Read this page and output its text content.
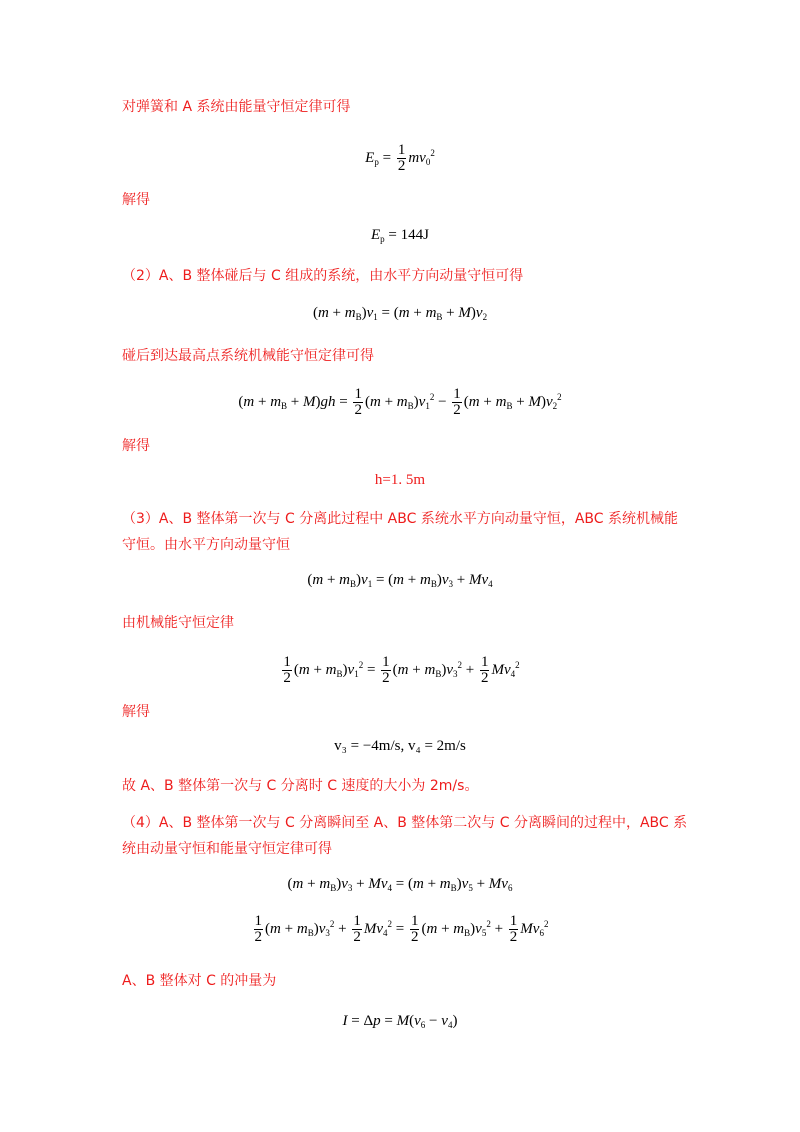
对弹簧和 A 系统由能量守恒定律可得
$E_p = \frac{1}{2} mv_0^2$
解得
$E_p = 144J$
（2）A、B 整体碰后与 C 组成的系统，由水平方向动量守恒可得
$(m + m_B)v_1 = (m + m_B + M)v_2$
碰后到达最高点系统机械能守恒定律可得
$(m + m_B + M)gh = \frac{1}{2} (m + m_B)v_1^2 - \frac{1}{2} (m + m_B + M)v_2^2$
解得
h=1. 5m
（3）A、B 整体第一次与 C 分离此过程中 ABC 系统水平方向动量守恒，ABC 系统机械能
守恒。由水平方向动量守恒
$(m + m_B)v_1 = (m + m_B)v_3 + Mv_4$
由机械能守恒定律
$\frac{1}{2} (m + m_B)v_1^2 = \frac{1}{2} (m + m_B)v_3^2 + \frac{1}{2} Mv_4^2$
解得
v₃ = −4m/s, v₄ = 2m/s
故 A、B 整体第一次与 C 分离时 C 速度的大小为 2m/s。
（4）A、B 整体第一次与 C 分离瞬间至 A、B 整体第二次与 C 分离瞬间的过程中，ABC 系
统由动量守恒和能量守恒定律可得
$(m + m_B)v_3 + Mv_4 = (m + m_B)v_5 + Mv_6$
$\frac{1}{2} (m + m_B)v_3^2 + \frac{1}{2} Mv_4^2 = \frac{1}{2} (m + m_B)v_5^2 + \frac{1}{2} Mv_6^2$
A、B 整体对 C 的冲量为
$I = \Delta p = M(v_6 - v_4)$
